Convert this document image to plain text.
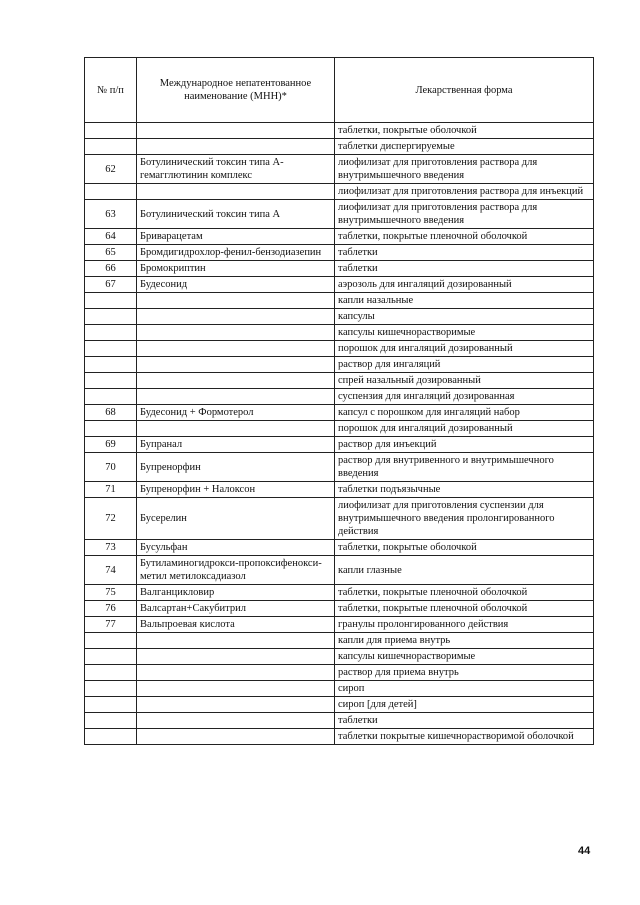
№ п/п	Международное непатентованное наименование (МНН)*	Лекарственная форма
		таблетки, покрытые оболочкой
		таблетки диспергируемые
62	Ботулинический токсин типа А-гемагглютинин комплекс	лиофилизат для приготовления раствора для внутримышечного введения
		лиофилизат для приготовления раствора для инъекций
63	Ботулинический токсин типа А	лиофилизат для приготовления раствора для внутримышечного введения
64	Бриварацетам	таблетки, покрытые пленочной оболочкой
65	Бромдигидрохлор-фенил-бензодиазепин	таблетки
66	Бромокриптин	таблетки
67	Будесонид	аэрозоль для ингаляций дозированный
		капли назальные
		капсулы
		капсулы кишечнорастворимые
		порошок для ингаляций дозированный
		раствор для ингаляций
		спрей назальный дозированный
		суспензия для ингаляций дозированная
68	Будесонид + Формотерол	капсул с порошком для ингаляций набор
		порошок для ингаляций дозированный
69	Бупранал	раствор для инъекций
70	Бупренорфин	раствор для внутривенного и внутримышечного введения
71	Бупренорфин + Налоксон	таблетки подъязычные
72	Бусерелин	лиофилизат для приготовления суспензии для внутримышечного введения пролонгированного действия
73	Бусульфан	таблетки, покрытые оболочкой
74	Бутиламиногидрокси-пропоксифенокси-метил метилоксадиазол	капли глазные
75	Валганцикловир	таблетки, покрытые пленочной оболочкой
76	Валсартан+Сакубитрил	таблетки, покрытые пленочной оболочкой
77	Вальпроевая кислота	гранулы пролонгированного действия
		капли для приема внутрь
		капсулы кишечнорастворимые
		раствор для приема внутрь
		сироп
		сироп [для детей]
		таблетки
		таблетки покрытые кишечнорастворимой оболочкой
44
